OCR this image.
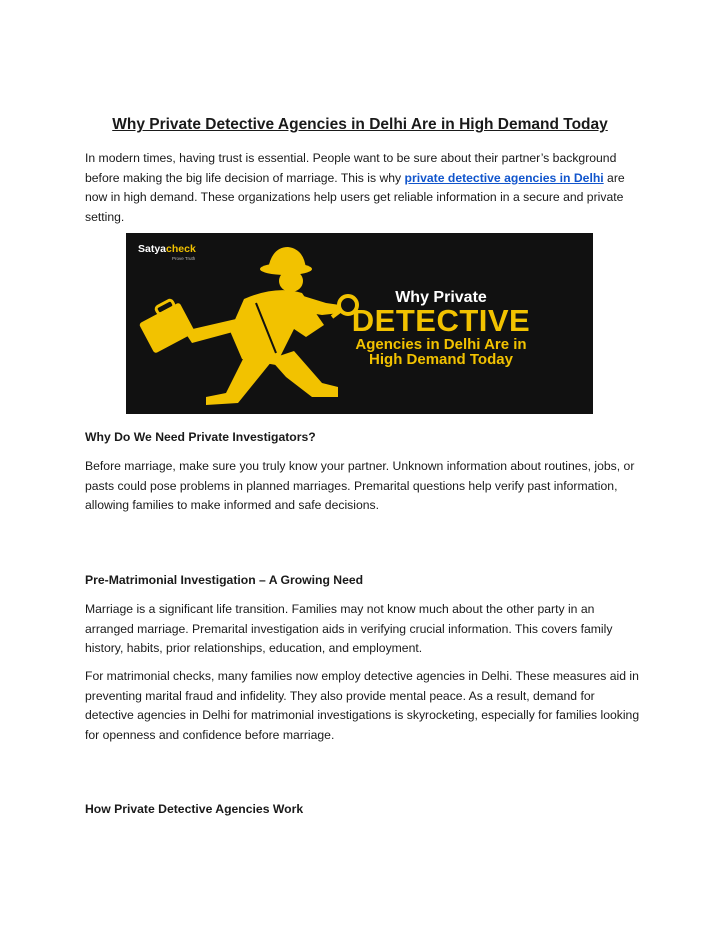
Why Private Detective Agencies in Delhi Are in High Demand Today

In modern times, having trust is essential. People want to be sure about their partner’s background before making the big life decision of marriage. This is why private detective agencies in Delhi are now in high demand. These organizations help users get reliable information in a secure and private setting.

Satyacheck
Prove Truth

Why Private

DETECTIVE

Agencies in Delhi Are in

High Demand Today

Why Do We Need Private Investigators?

Before marriage, make sure you truly know your partner. Unknown information about routines, jobs, or pasts could pose problems in planned marriages. Premarital questions help verify past information, allowing families to make informed and safe decisions.

Pre-Matrimonial Investigation – A Growing Need

Marriage is a significant life transition. Families may not know much about the other party in an arranged marriage. Premarital investigation aids in verifying crucial information. This covers family history, habits, prior relationships, education, and employment.

For matrimonial checks, many families now employ detective agencies in Delhi. These measures aid in preventing marital fraud and infidelity. They also provide mental peace. As a result, demand for detective agencies in Delhi for matrimonial investigations is skyrocketing, especially for families looking for openness and confidence before marriage.

How Private Detective Agencies Work
